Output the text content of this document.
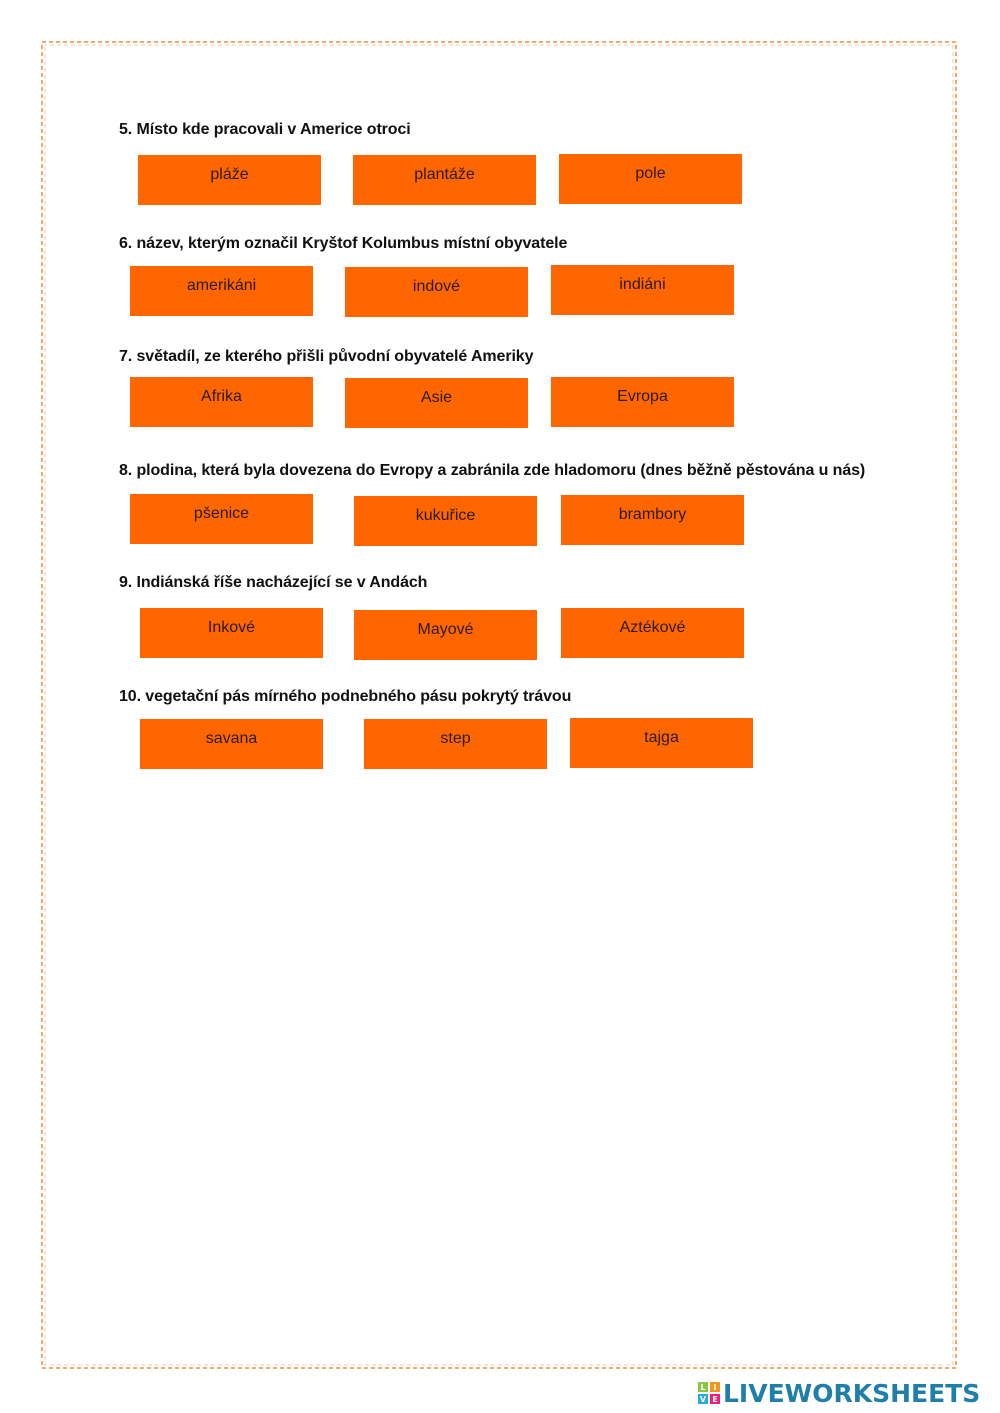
5. Místo kde pracovali v Americe otroci
pláže	plantáže	pole
6. název, kterým označil Kryštof Kolumbus místní obyvatele
amerikáni	indové	indiáni
7. světadíl, ze kterého přišli původní obyvatelé Ameriky
Afrika	Asie	Evropa
8. plodina, která byla dovezena do Evropy a zabránila zde hladomoru (dnes běžně pěstována u nás)
pšenice	kukuřice	brambory
9. Indiánská říše nacházející se v Andách
Inkové	Mayové	Aztékové
10. vegetační pás mírného podnebného pásu pokrytý trávou
savana	step	tajga
L I
V E LIVEWORKSHEETS
